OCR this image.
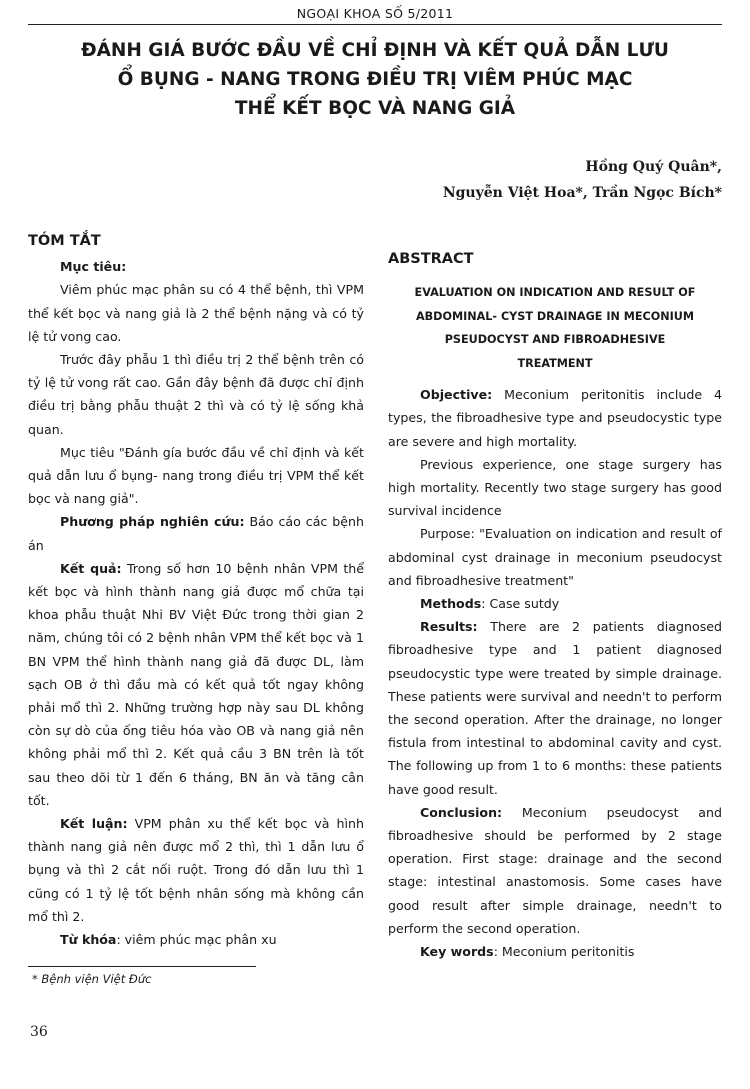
NGOẠI KHOA SỐ 5/2011
ĐÁNH GIÁ BƯỚC ĐẦU VỀ CHỈ ĐỊNH VÀ KẾT QUẢ DẪN LƯU
Ổ BỤNG - NANG TRONG ĐIỀU TRỊ VIÊM PHÚC MẠC
THỂ KẾT BỌC VÀ NANG GIẢ
Hồng Quý Quân*,
Nguyễn Việt Hoa*, Trần Ngọc Bích*
TÓM TẮT
Mục tiêu:

Viêm phúc mạc phân su có 4 thể bệnh, thì VPM thể kết bọc và nang giả là 2 thể bệnh nặng và có tỷ lệ tử vong cao.

Trước đây phẫu 1 thì điều trị 2 thể bệnh trên có tỷ lệ tử vong rất cao. Gần đây bệnh đã được chỉ định điều trị bằng phẫu thuật 2 thì và có tỷ lệ sống khả quan.

Mục tiêu "Đánh gía bước đầu về chỉ định và kết quả dẫn lưu ổ bụng- nang trong điều trị VPM thể kết bọc và nang giả".

Phương pháp nghiên cứu: Báo cáo các bệnh án

Kết quả: Trong số hơn 10 bệnh nhân VPM thể kết bọc và hình thành nang giả được mổ chữa tại khoa phẫu thuật Nhi BV Việt Đức trong thời gian 2 năm, chúng tôi có 2 bệnh nhân VPM thể kết bọc và 1 BN VPM thể hình thành nang giả đã được DL, làm sạch OB ở thì đầu mà có kết quả tốt ngay không phải mổ thì 2. Những trường hợp này sau DL không còn sự dò của ống tiêu hóa vào OB và nang giả nên không phải mổ thì 2. Kết quả cầu 3 BN trên là tốt sau theo dõi từ 1 đến 6 tháng, BN ăn và tăng cân tốt.

Kết luận: VPM phân xu thể kết bọc và hình thành nang giả nên được mổ 2 thì, thì 1 dẫn lưu ổ bụng và thì 2 cắt nối ruột. Trong đó dẫn lưu thì 1 cũng có 1 tỷ lệ tốt bệnh nhân sống mà không cần mổ thì 2.

Từ khóa: viêm phúc mạc phân xu

ABSTRACT
EVALUATION ON INDICATION AND RESULT OF
ABDOMINAL- CYST DRAINAGE IN MECONIUM
PSEUDOCYST AND FIBROADHESIVE
TREATMENT

Objective: Meconium peritonitis include 4 types, the fibroadhesive type and pseudocystic type are severe and high mortality.

Previous experience, one stage surgery has high mortality. Recently two stage surgery has good survival incidence

Purpose: "Evaluation on indication and result of abdominal cyst drainage in meconium pseudocyst and fibroadhesive treatment"

Methods: Case sutdy

Results: There are 2 patients diagnosed fibroadhesive type and 1 patient diagnosed pseudocystic type were treated by simple drainage. These patients were survival and needn't to perform the second operation. After the drainage, no longer fistula from intestinal to abdominal cavity and cyst. The following up from 1 to 6 months: these patients have good result.

Conclusion: Meconium pseudocyst and fibroadhesive should be performed by 2 stage operation. First stage: drainage and the second stage: intestinal anastomosis. Some cases have good result after simple drainage, needn't to perform the second operation.

Key words: Meconium peritonitis

* Bệnh viện Việt Đức
36
